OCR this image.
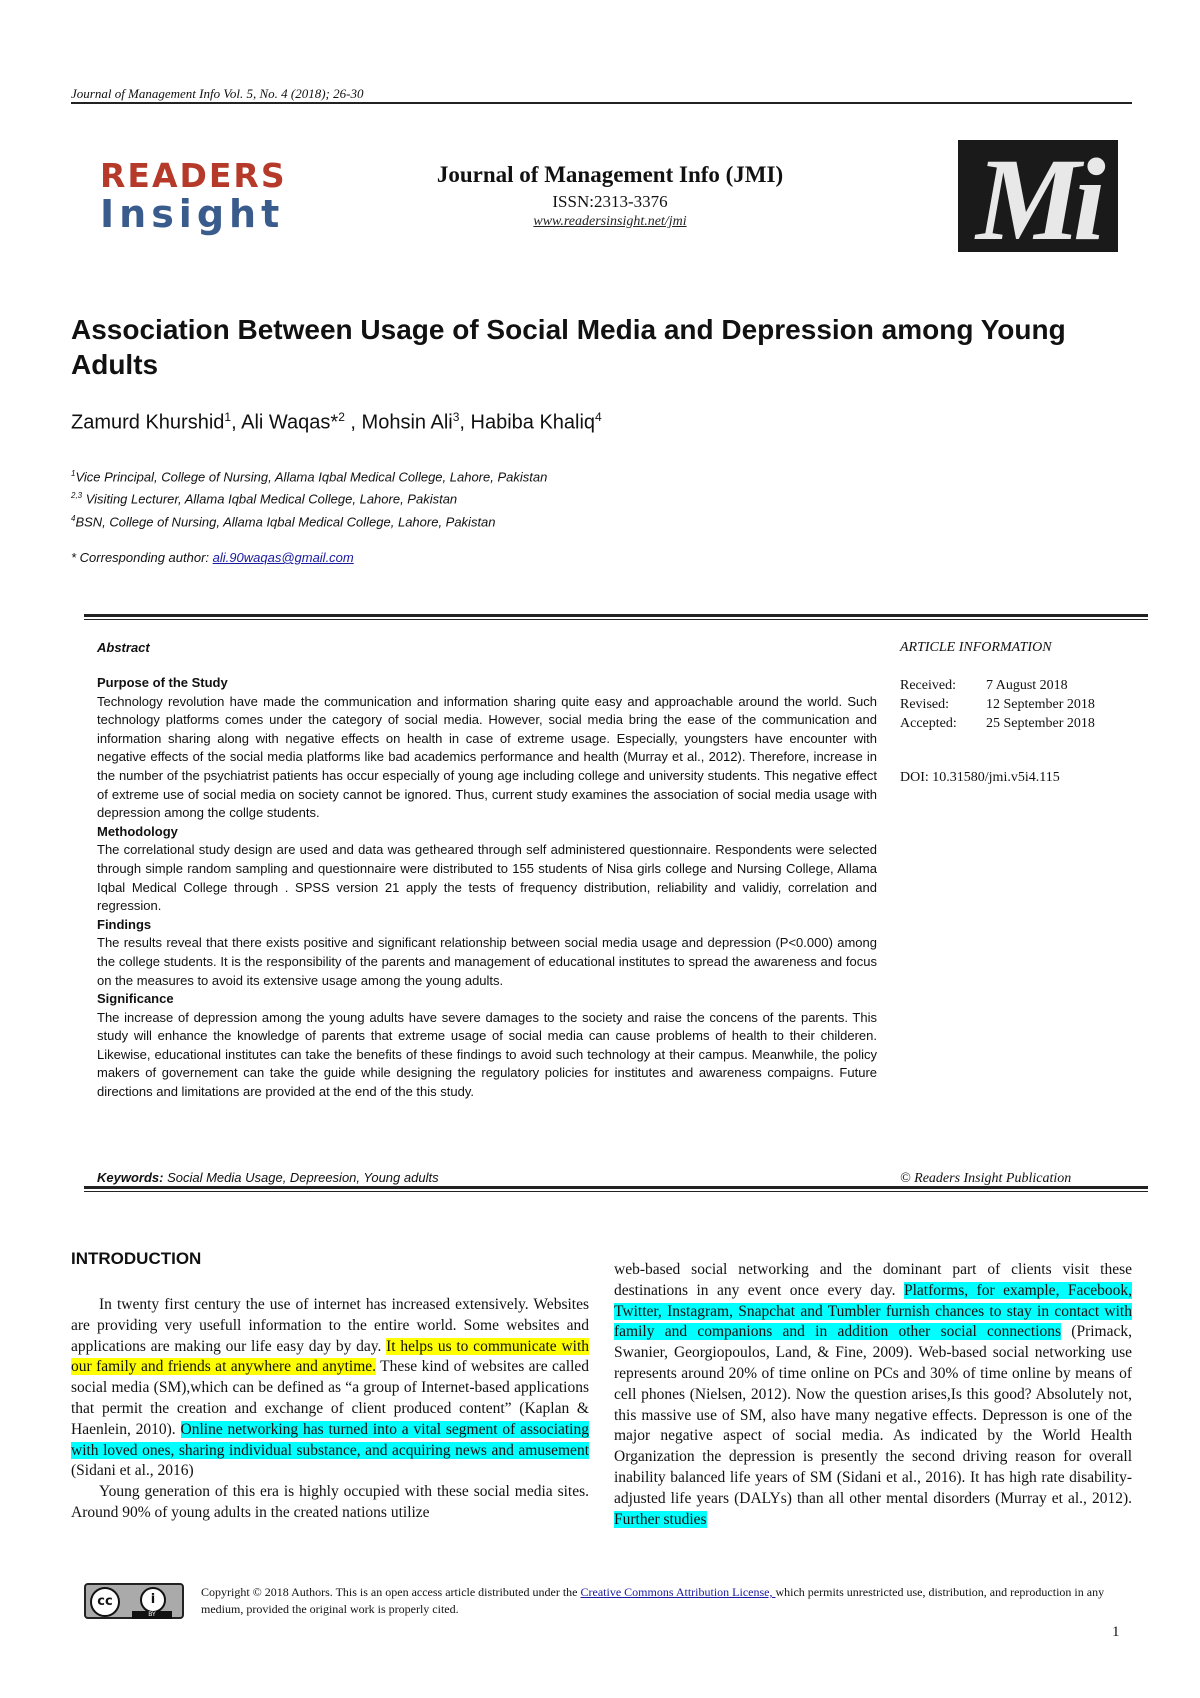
Journal of Management Info Vol. 5, No. 4 (2018); 26-30
READERS
Insight
Journal of Management Info (JMI)
ISSN:2313-3376
www.readersinsight.net/jmi	Mi
Association Between Usage of Social Media and Depression among Young Adults
Zamurd Khurshid$^1$, Ali Waqas*$^2$ , Mohsin Ali$^3$, Habiba Khaliq$^4$
$^1$Vice Principal, College of Nursing, Allama Iqbal Medical College, Lahore, Pakistan
$^{2,3}$ Visiting Lecturer, Allama Iqbal Medical College, Lahore, Pakistan
$^4$BSN, College of Nursing, Allama Iqbal Medical College, Lahore, Pakistan
* Corresponding author: ali.90waqas@gmail.com
Abstract
Purpose of the Study

Technology revolution have made the communication and information sharing quite easy and approachable around the world. Such technology platforms comes under the category of social media. However, social media bring the ease of the communication and information sharing along with negative effects on health in case of extreme usage. Especially, youngsters have encounter with negative effects of the social media platforms like bad academics performance and health (Murray et al., 2012). Therefore, increase in the number of the psychiatrist patients has occur especially of young age including college and university students. This negative effect of extreme use of social media on society cannot be ignored. Thus, current study examines the association of social media usage with depression among the collge students.

Methodology

The correlational study design are used and data was getheared through self administered questionnaire. Respondents were selected through simple random sampling and questionnaire were distributed to 155 students of Nisa girls college and Nursing College, Allama Iqbal Medical College through . SPSS version 21 apply the tests of frequency distribution, reliability and validiy, correlation and regression.

Findings

The results reveal that there exists positive and significant relationship between social media usage and depression (P<0.000) among the college students. It is the responsibility of the parents and management of educational institutes to spread the awareness and focus on the measures to avoid its extensive usage among the young adults.

Significance

The increase of depression among the young adults have severe damages to the society and raise the concens of the parents. This study will enhance the knowledge of parents that extreme usage of social media can cause problems of health to their childeren. Likewise, educational institutes can take the benefits of these findings to avoid such technology at their campus. Meanwhile, the policy makers of governement can take the guide while designing the regulatory policies for institutes and awareness compaigns. Future directions and limitations are provided at the end of the this study.

ARTICLE INFORMATION
Received:	7 August 2018
Revised:	12 September 2018
Accepted:	25 September 2018
DOI: 10.31580/jmi.v5i4.115
Keywords: Social Media Usage, Depreesion, Young adults	© Readers Insight Publication
INTRODUCTION

In twenty first century the use of internet has increased extensively. Websites are providing very usefull information to the entire world. Some websites and applications are making our life easy day by day. It helps us to communicate with our family and friends at anywhere and anytime. These kind of websites are called social media (SM),which can be defined as “a group of Internet-based applications that permit the creation and exchange of client produced content” (Kaplan & Haenlein, 2010). Online networking has turned into a vital segment of associating with loved ones, sharing individual substance, and acquiring news and amusement (Sidani et al., 2016)

Young generation of this era is highly occupied with these social media sites. Around 90% of young adults in the created nations utilize

web-based social networking and the dominant part of clients visit these destinations in any event once every day. Platforms, for example, Facebook, Twitter, Instagram, Snapchat and Tumbler furnish chances to stay in contact with family and companions and in addition other social connections (Primack, Swanier, Georgiopoulos, Land, & Fine, 2009). Web-based social networking use represents around 20% of time online on PCs and 30% of time online by means of cell phones (Nielsen, 2012). Now the question arises,Is this good? Absolutely not, this massive use of SM, also have many negative effects. Depresson is one of the major negative aspect of social media. As indicated by the World Health Organization the depression is presently the second driving reason for overall inability balanced life years of SM (Sidani et al., 2016). It has high rate disability-adjusted life years (DALYs) than all other mental disorders (Murray et al., 2012). Further studies

cc	i
BY
Copyright © 2018 Authors. This is an open access article distributed under the Creative Commons Attribution License, which permits unrestricted use, distribution, and reproduction in any medium, provided the original work is properly cited.
1
